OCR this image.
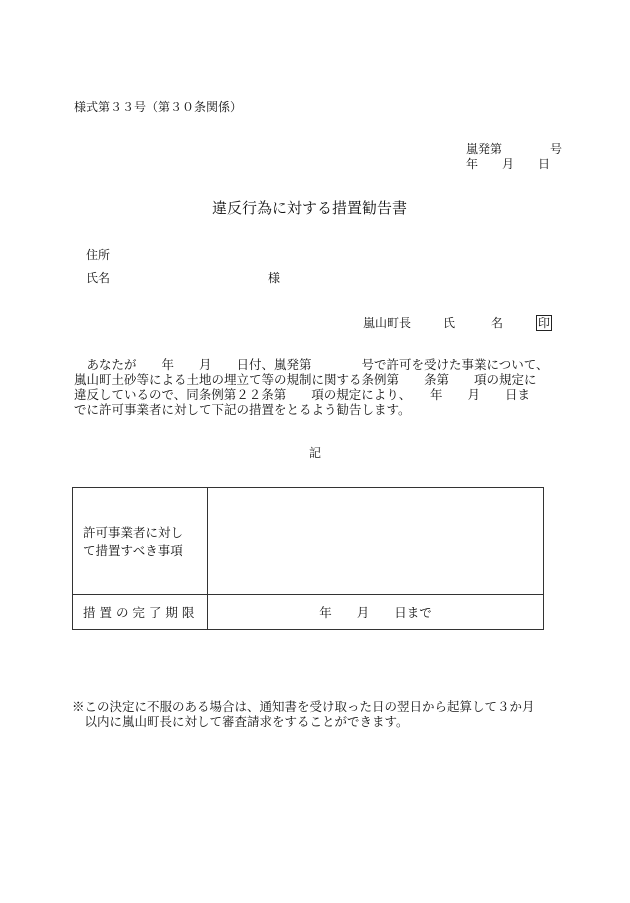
様式第３３号（第３０条関係）
嵐発第　　　　号
年　　月　　日
違反行為に対する措置勧告書
住所
氏名	様
嵐山町長	氏　　　名	印
　あなたが　　年　　月　　日付、嵐発第　　　　号で許可を受けた事業について、
嵐山町土砂等による土地の埋立て等の規制に関する条例第　　条第　　項の規定に
違反しているので、同条例第２２条第　　項の規定により、　　年　　月　　日ま
でに許可事業者に対して下記の措置をとるよう勧告します。
記
許可事業者に対し
て措置すべき事項	

措 置 の 完 了 期 限	年　　月　　日まで
※この決定に不服のある場合は、通知書を受け取った日の翌日から起算して３か月
　以内に嵐山町長に対して審査請求をすることができます。
